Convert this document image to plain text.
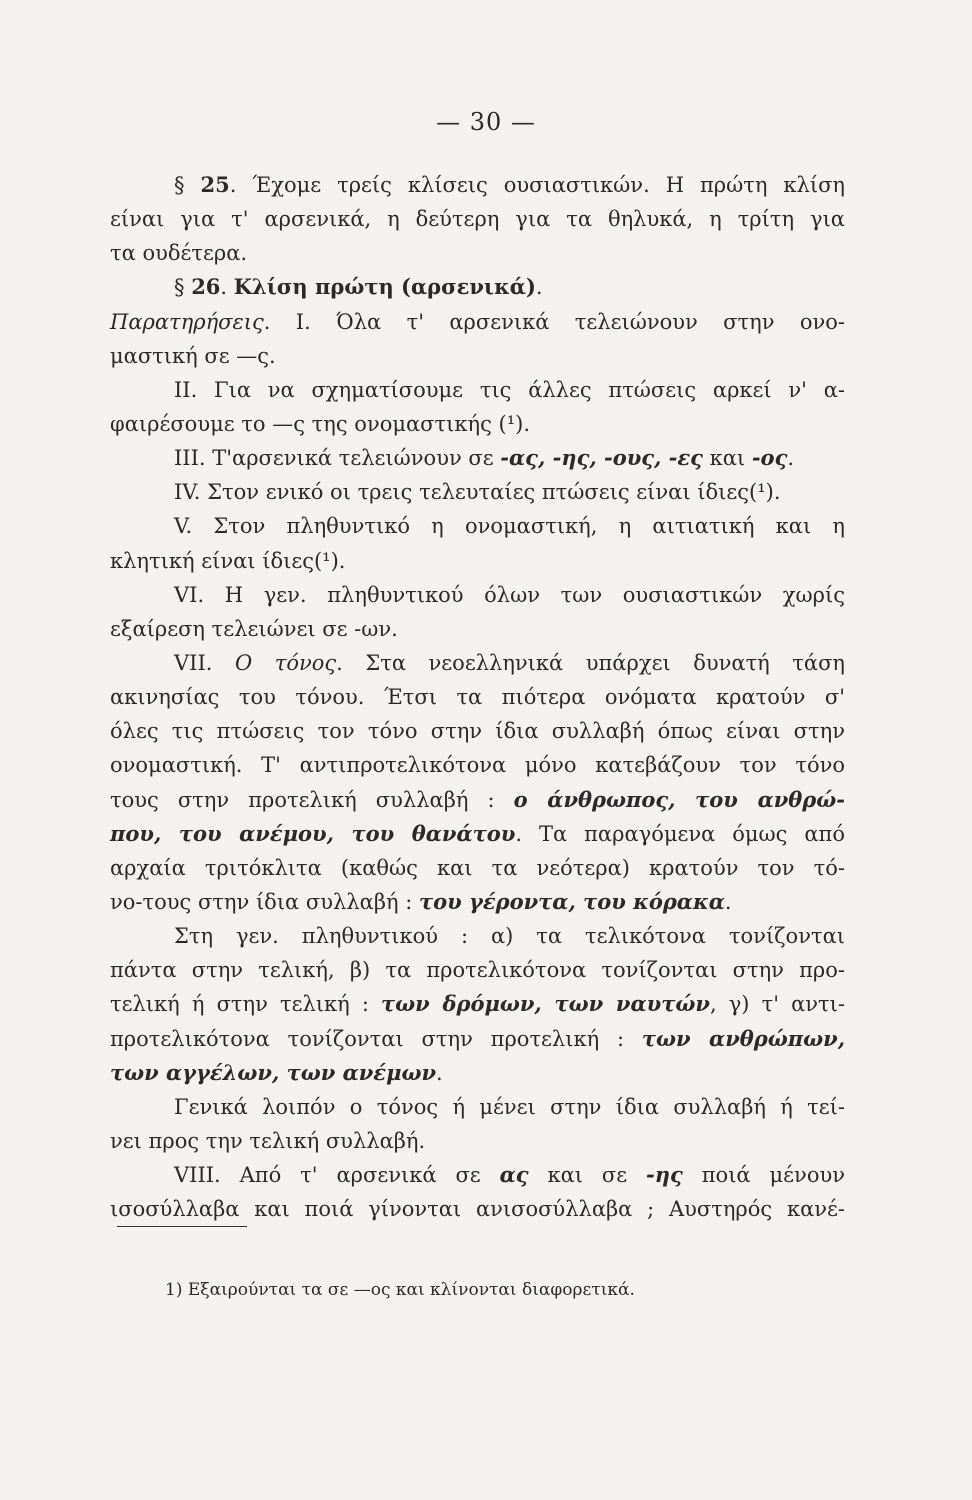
— 30 —
§ 25. Έχομε τρείς κλίσεις ουσιαστικών. Η πρώτη κλίση
είναι για τ' αρσενικά, η δεύτερη για τα θηλυκά, η τρίτη για
τα ουδέτερα.
§ 26. Κλίση πρώτη (αρσενικά).
Παρατηρήσεις. Ι. Όλα τ' αρσενικά τελειώνουν στην ονο-
μαστική σε —ς.
ΙΙ. Για να σχηματίσουμε τις άλλες πτώσεις αρκεί ν' α-
φαιρέσουμε το —ς της ονομαστικής (¹).
ΙΙΙ. Τ'αρσενικά τελειώνουν σε -ας, -ης, -ους, -ες και -ος.
ΙV. Στον ενικό οι τρεις τελευταίες πτώσεις είναι ίδιες(¹).
V. Στον πληθυντικό η ονομαστική, η αιτιατική και η
κλητική είναι ίδιες(¹).
VΙ. Η γεν. πληθυντικού όλων των ουσιαστικών χωρίς
εξαίρεση τελειώνει σε -ων.
VΙΙ. Ο τόνος. Στα νεοελληνικά υπάρχει δυνατή τάση
ακινησίας του τόνου. Έτσι τα πιότερα ονόματα κρατούν σ'
όλες τις πτώσεις τον τόνο στην ίδια συλλαβή όπως είναι στην
ονομαστική. Τ' αντιπροτελικότονα μόνο κατεβάζουν τον τόνο
τους στην προτελική συλλαβή : ο άνθρωπος, του ανθρώ-
που, του ανέμου, του θανάτου. Τα παραγόμενα όμως από
αρχαία τριτόκλιτα (καθώς και τα νεότερα) κρατούν τον τό-
νο-τους στην ίδια συλλαβή : του γέροντα, του κόρακα.
Στη γεν. πληθυντικού : α) τα τελικότονα τονίζονται
πάντα στην τελική, β) τα προτελικότονα τονίζονται στην προ-
τελική ή στην τελική : των δρόμων, των ναυτών, γ) τ' αντι-
προτελικότονα τονίζονται στην προτελική : των ανθρώπων,
των αγγέλων, των ανέμων.
Γενικά λοιπόν ο τόνος ή μένει στην ίδια συλλαβή ή τεί-
νει προς την τελική συλλαβή.
VΙΙΙ. Από τ' αρσενικά σε ας και σε -ης ποιά μένουν
ισοσύλλαβα και ποιά γίνονται ανισοσύλλαβα ; Αυστηρός κανέ-
1) Εξαιρούνται τα σε —ος και κλίνονται διαφορετικά.
